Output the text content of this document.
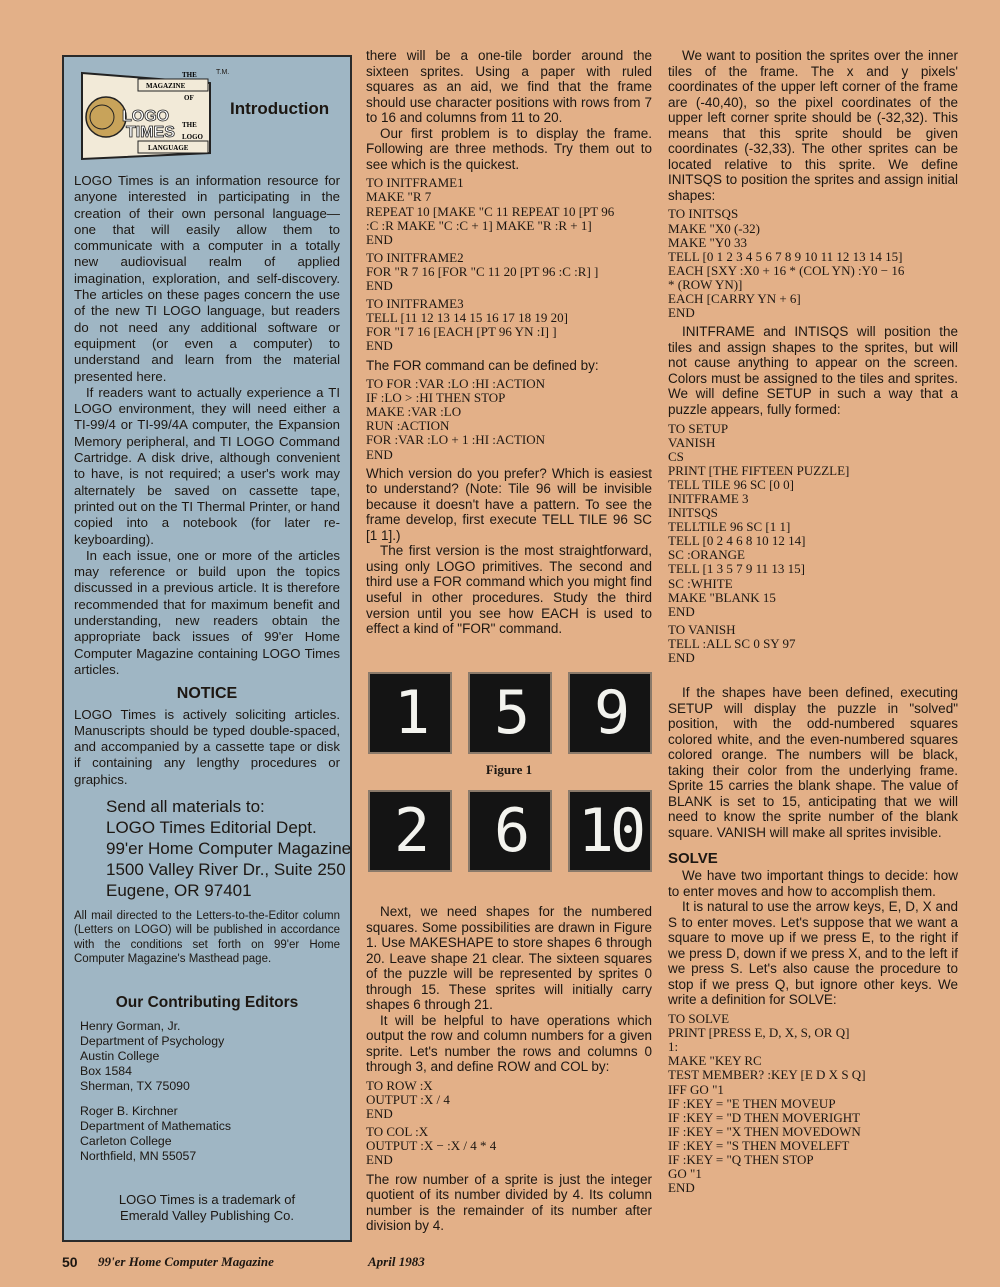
THE
MAGAZINE
OF
LOGO
TIMES THE
LOGO
LANGUAGE
T.M.
Introduction

LOGO Times is an information resource for anyone interested in participating in the creation of their own personal language—one that will easily allow them to communicate with a computer in a totally new audiovisual realm of applied imagination, exploration, and self-discovery. The articles on these pages concern the use of the new TI LOGO language, but readers do not need any additional software or equipment (or even a computer) to understand and learn from the material presented here.

If readers want to actually experience a TI LOGO environment, they will need either a TI-99/4 or TI-99/4A computer, the Expansion Memory peripheral, and TI LOGO Command Cartridge. A disk drive, although convenient to have, is not required; a user's work may alternately be saved on cassette tape, printed out on the TI Thermal Printer, or hand copied into a notebook (for later re-keyboarding).

In each issue, one or more of the articles may reference or build upon the topics discussed in a previous article. It is therefore recommended that for maximum benefit and understanding, new readers obtain the appropriate back issues of 99'er Home Computer Magazine containing LOGO Times articles.

NOTICE

LOGO Times is actively soliciting articles. Manuscripts should be typed double-spaced, and accompanied by a cassette tape or disk if containing any lengthy procedures or graphics.

Send all materials to:
LOGO Times Editorial Dept.
99'er Home Computer Magazine
1500 Valley River Dr., Suite 250
Eugene, OR 97401
All mail directed to the Letters-to-the-Editor column (Letters on LOGO) will be published in accordance with the conditions set forth on 99'er Home Computer Magazine's Masthead page.
Our Contributing Editors
Henry Gorman, Jr.
Department of Psychology
Austin College
Box 1584
Sherman, TX 75090
Roger B. Kirchner
Department of Mathematics
Carleton College
Northfield, MN 55057
LOGO Times is a trademark of
Emerald Valley Publishing Co.

there will be a one-tile border around the sixteen sprites. Using a paper with ruled squares as an aid, we find that the frame should use character positions with rows from 7 to 16 and columns from 11 to 20.

Our first problem is to display the frame. Following are three methods. Try them out to see which is the quickest.

TO INITFRAME1
MAKE "R 7
REPEAT 10 [MAKE "C 11 REPEAT 10 [PT 96
:C :R MAKE "C :C + 1] MAKE "R :R + 1]
END
TO INITFRAME2
FOR "R 7 16 [FOR "C 11 20 [PT 96 :C :R] ]
END
TO INITFRAME3
TELL [11 12 13 14 15 16 17 18 19 20]
FOR "I 7 16 [EACH [PT 96 YN :I] ]
END

The FOR command can be defined by:

TO FOR :VAR :LO :HI :ACTION
IF :LO > :HI THEN STOP
MAKE :VAR :LO
RUN :ACTION
FOR :VAR :LO + 1 :HI :ACTION
END

Which version do you prefer? Which is easiest to understand? (Note: Tile 96 will be invisible because it doesn't have a pattern. To see the frame develop, first execute TELL TILE 96 SC [1 1].)

The first version is the most straightforward, using only LOGO primitives. The second and third use a FOR command which you might find useful in other procedures. Study the third version until you see how EACH is used to effect a kind of "FOR" command.

1 5 9
Figure 1
2 6 10

Next, we need shapes for the numbered squares. Some possibilities are drawn in Figure 1. Use MAKESHAPE to store shapes 6 through 20. Leave shape 21 clear. The sixteen squares of the puzzle will be represented by sprites 0 through 15. These sprites will initially carry shapes 6 through 21.

It will be helpful to have operations which output the row and column numbers for a given sprite. Let's number the rows and columns 0 through 3, and define ROW and COL by:

TO ROW :X
OUTPUT :X / 4
END
TO COL :X
OUTPUT :X − :X / 4 * 4
END

The row number of a sprite is just the integer quotient of its number divided by 4. Its column number is the remainder of its number after division by 4.

We want to position the sprites over the inner tiles of the frame. The x and y pixels' coordinates of the upper left corner of the frame are (-40,40), so the pixel coordinates of the upper left corner sprite should be (-32,32). This means that this sprite should be given coordinates (-32,33). The other sprites can be located relative to this sprite. We define INITSQS to position the sprites and assign initial shapes:

TO INITSQS
MAKE "X0 (-32)
MAKE "Y0 33
TELL [0 1 2 3 4 5 6 7 8 9 10 11 12 13 14 15]
EACH [SXY :X0 + 16 * (COL YN) :Y0 − 16
* (ROW YN)]
EACH [CARRY YN + 6]
END

INITFRAME and INTISQS will position the tiles and assign shapes to the sprites, but will not cause anything to appear on the screen. Colors must be assigned to the tiles and sprites. We will define SETUP in such a way that a puzzle appears, fully formed:

TO SETUP
VANISH
CS
PRINT [THE FIFTEEN PUZZLE]
TELL TILE 96 SC [0 0]
INITFRAME 3
INITSQS
TELLTILE 96 SC [1 1]
TELL [0 2 4 6 8 10 12 14]
SC :ORANGE
TELL [1 3 5 7 9 11 13 15]
SC :WHITE
MAKE "BLANK 15
END
TO VANISH
TELL :ALL SC 0 SY 97
END

If the shapes have been defined, executing SETUP will display the puzzle in "solved" position, with the odd-numbered squares colored white, and the even-numbered squares colored orange. The numbers will be black, taking their color from the underlying frame. Sprite 15 carries the blank shape. The value of BLANK is set to 15, anticipating that we will need to know the sprite number of the blank square. VANISH will make all sprites invisible.

SOLVE

We have two important things to decide: how to enter moves and how to accomplish them.

It is natural to use the arrow keys, E, D, X and S to enter moves. Let's suppose that we want a square to move up if we press E, to the right if we press D, down if we press X, and to the left if we press S. Let's also cause the procedure to stop if we press Q, but ignore other keys. We write a definition for SOLVE:

TO SOLVE
PRINT [PRESS E, D, X, S, OR Q]
1:
MAKE "KEY RC
TEST MEMBER? :KEY [E D X S Q]
IFF GO "1
IF :KEY = "E THEN MOVEUP
IF :KEY = "D THEN MOVERIGHT
IF :KEY = "X THEN MOVEDOWN
IF :KEY = "S THEN MOVELEFT
IF :KEY = "Q THEN STOP
GO "1
END
50 99'er Home Computer Magazine	April 1983
